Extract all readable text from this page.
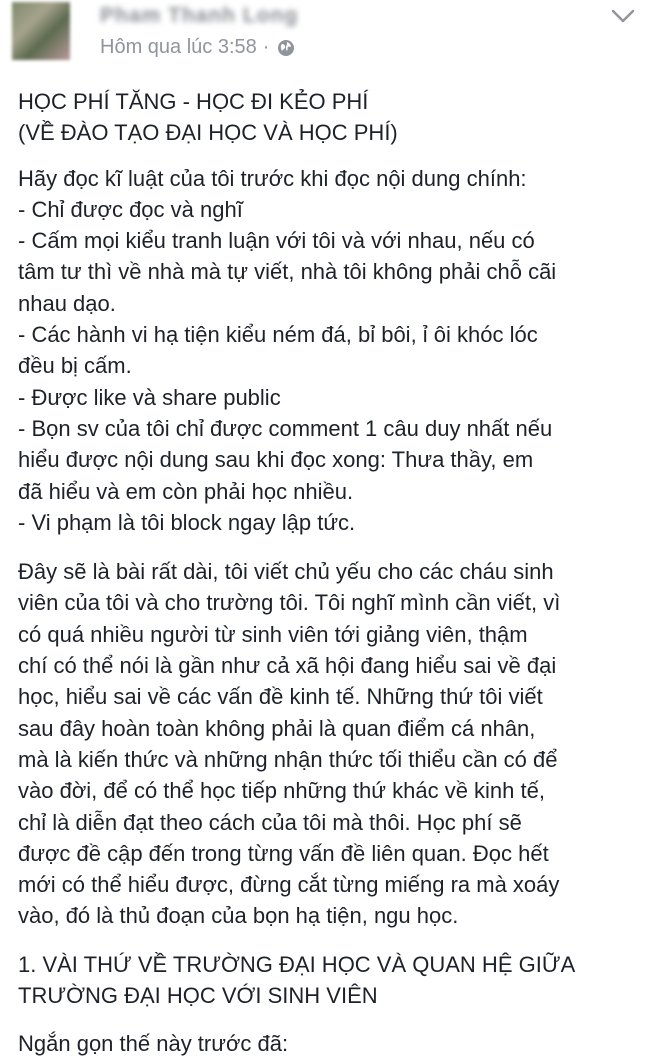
Pham Thanh Long
Hôm qua lúc 3:58 ·

HỌC PHÍ TĂNG - HỌC ĐI KẺO PHÍ
(VỀ ĐÀO TẠO ĐẠI HỌC VÀ HỌC PHÍ)

Hãy đọc kĩ luật của tôi trước khi đọc nội dung chính:
- Chỉ được đọc và nghĩ
- Cấm mọi kiểu tranh luận với tôi và với nhau, nếu có
tâm tư thì về nhà mà tự viết, nhà tôi không phải chỗ cãi
nhau dạo.
- Các hành vi hạ tiện kiểu ném đá, bỉ bôi, ỉ ôi khóc lóc
đều bị cấm.
- Được like và share public
- Bọn sv của tôi chỉ được comment 1 câu duy nhất nếu
hiểu được nội dung sau khi đọc xong: Thưa thầy, em
đã hiểu và em còn phải học nhiều.
- Vi phạm là tôi block ngay lập tức.

Đây sẽ là bài rất dài, tôi viết chủ yếu cho các cháu sinh
viên của tôi và cho trường tôi. Tôi nghĩ mình cần viết, vì
có quá nhiều người từ sinh viên tới giảng viên, thậm
chí có thể nói là gần như cả xã hội đang hiểu sai về đại
học, hiểu sai về các vấn đề kinh tế. Những thứ tôi viết
sau đây hoàn toàn không phải là quan điểm cá nhân,
mà là kiến thức và những nhận thức tối thiểu cần có để
vào đời, để có thể học tiếp những thứ khác về kinh tế,
chỉ là diễn đạt theo cách của tôi mà thôi. Học phí sẽ
được đề cập đến trong từng vấn đề liên quan. Đọc hết
mới có thể hiểu được, đừng cắt từng miếng ra mà xoáy
vào, đó là thủ đoạn của bọn hạ tiện, ngu học.

1. VÀI THỨ VỀ TRƯỜNG ĐẠI HỌC VÀ QUAN HỆ GIỮA
TRƯỜNG ĐẠI HỌC VỚI SINH VIÊN

Ngắn gọn thế này trước đã:
